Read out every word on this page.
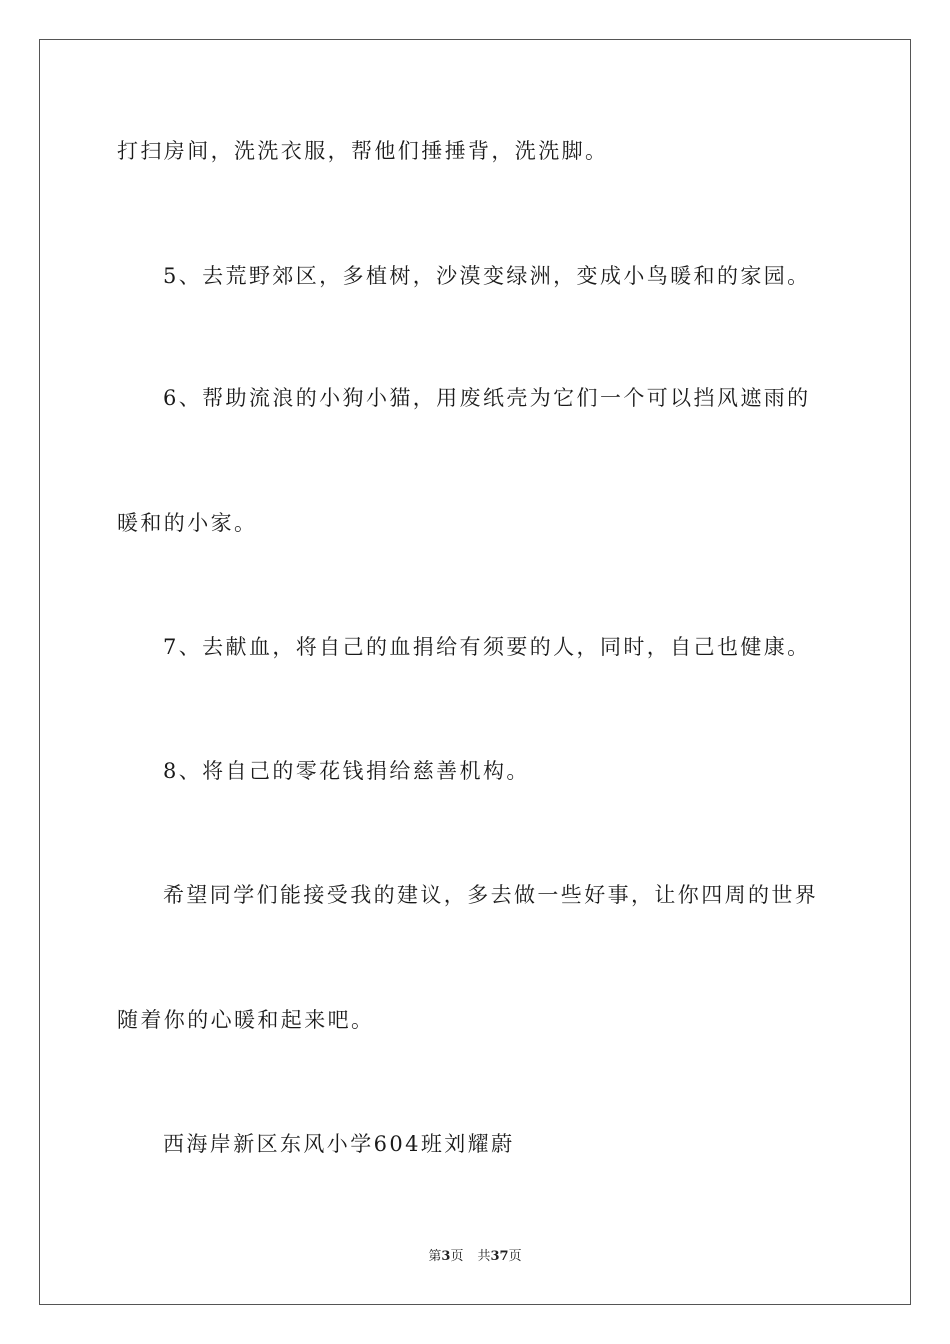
打扫房间，洗洗衣服，帮他们捶捶背，洗洗脚。
5、去荒野郊区，多植树，沙漠变绿洲，变成小鸟暖和的家园。
6、帮助流浪的小狗小猫，用废纸壳为它们一个可以挡风遮雨的
暖和的小家。
7、去献血，将自己的血捐给有须要的人，同时，自己也健康。
8、将自己的零花钱捐给慈善机构。
希望同学们能接受我的建议，多去做一些好事，让你四周的世界
随着你的心暖和起来吧。
西海岸新区东风小学604班刘耀蔚
第3页 共37页
